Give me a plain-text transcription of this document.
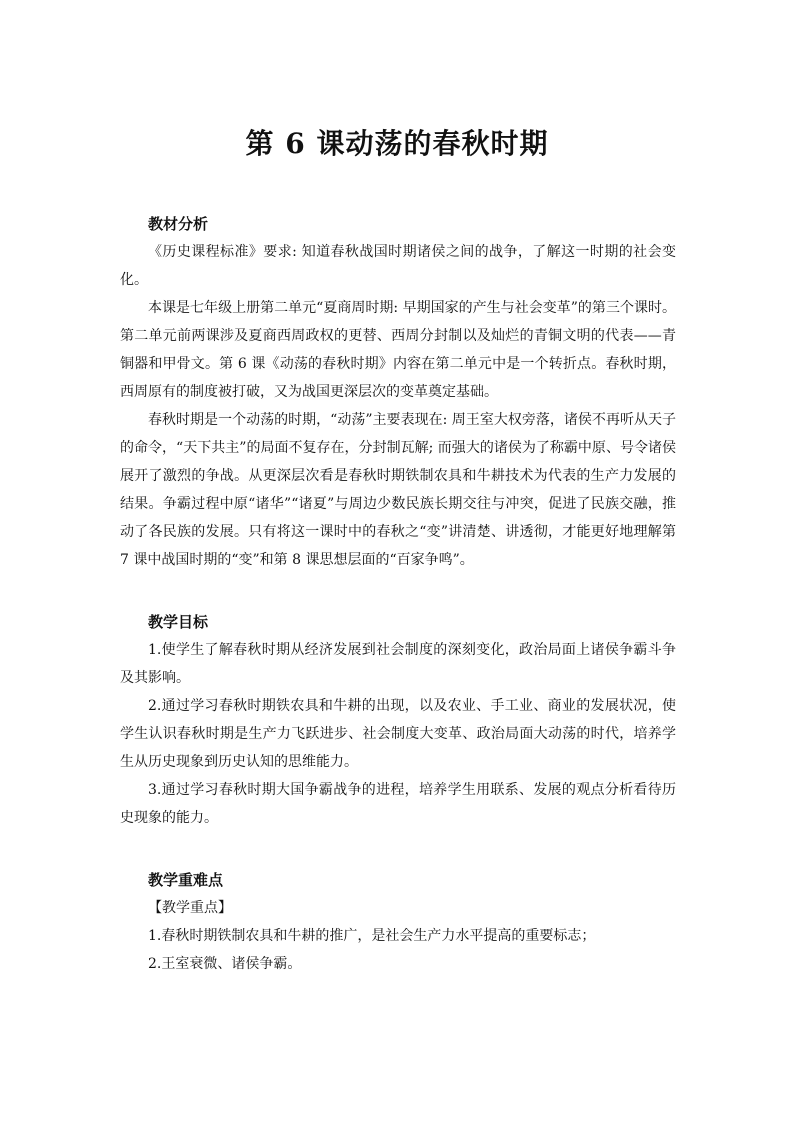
第 6 课动荡的春秋时期

教材分析

《历史课程标准》要求: 知道春秋战国时期诸侯之间的战争，了解这一时期的社会变化。

本课是七年级上册第二单元“夏商周时期: 早期国家的产生与社会变革”的第三个课时。第二单元前两课涉及夏商西周政权的更替、西周分封制以及灿烂的青铜文明的代表——青铜器和甲骨文。第 6 课《动荡的春秋时期》内容在第二单元中是一个转折点。春秋时期，西周原有的制度被打破，又为战国更深层次的变革奠定基础。

春秋时期是一个动荡的时期，“动荡”主要表现在: 周王室大权旁落，诸侯不再听从天子的命令，“天下共主”的局面不复存在，分封制瓦解; 而强大的诸侯为了称霸中原、号令诸侯展开了激烈的争战。从更深层次看是春秋时期铁制农具和牛耕技术为代表的生产力发展的结果。争霸过程中原“诸华”“诸夏”与周边少数民族长期交往与冲突，促进了民族交融，推动了各民族的发展。只有将这一课时中的春秋之“变”讲清楚、讲透彻，才能更好地理解第 7 课中战国时期的“变”和第 8 课思想层面的“百家争鸣”。

教学目标

1.使学生了解春秋时期从经济发展到社会制度的深刻变化，政治局面上诸侯争霸斗争及其影响。

2.通过学习春秋时期铁农具和牛耕的出现，以及农业、手工业、商业的发展状况，使学生认识春秋时期是生产力飞跃进步、社会制度大变革、政治局面大动荡的时代，培养学生从历史现象到历史认知的思维能力。

3.通过学习春秋时期大国争霸战争的进程，培养学生用联系、发展的观点分析看待历史现象的能力。

教学重难点

【教学重点】

1.春秋时期铁制农具和牛耕的推广，是社会生产力水平提高的重要标志；

2.王室衰微、诸侯争霸。
